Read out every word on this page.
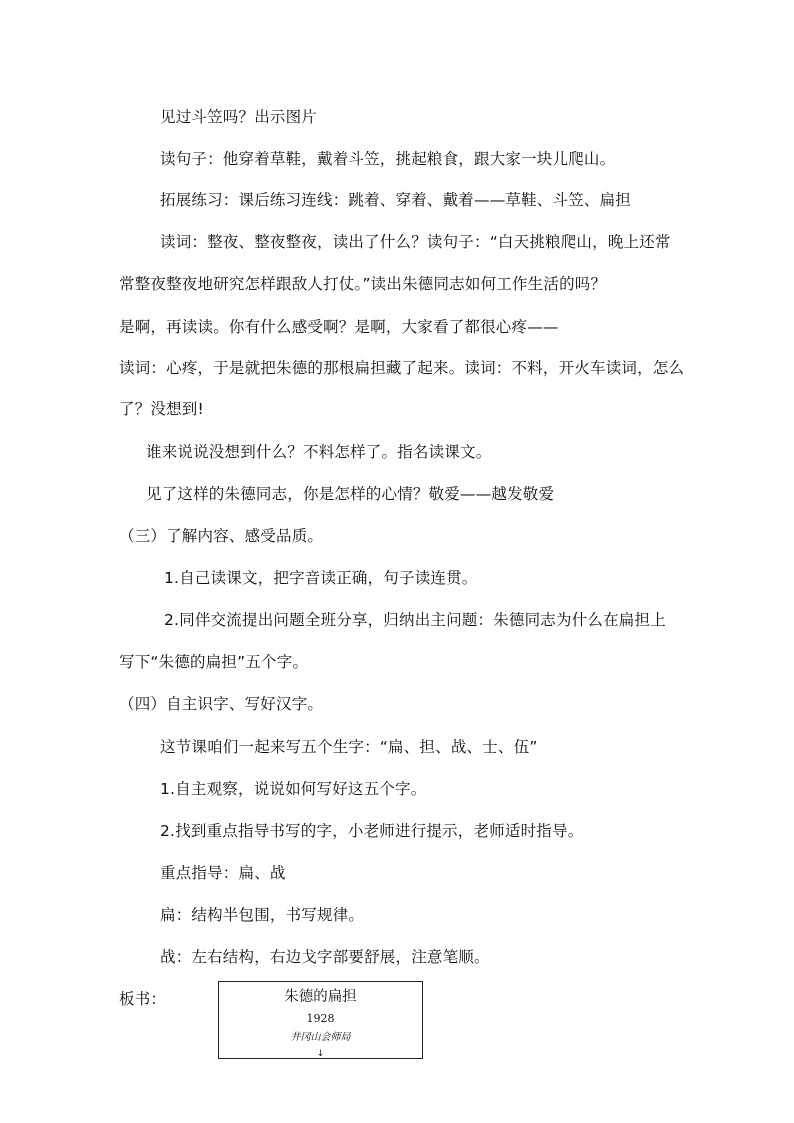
见过斗笠吗？出示图片
读句子：他穿着草鞋，戴着斗笠，挑起粮食，跟大家一块儿爬山。
拓展练习：课后练习连线：跳着、穿着、戴着——草鞋、斗笠、扁担
读词：整夜、整夜整夜，读出了什么？读句子：“白天挑粮爬山，晚上还常
常整夜整夜地研究怎样跟敌人打仗。”读出朱德同志如何工作生活的吗？
是啊，再读读。你有什么感受啊？是啊，大家看了都很心疼——
读词：心疼，于是就把朱德的那根扁担藏了起来。读词：不料，开火车读词，怎么
了？没想到!
谁来说说没想到什么？不料怎样了。指名读课文。
见了这样的朱德同志，你是怎样的心情？敬爱——越发敬爱
（三）了解内容、感受品质。
1.自己读课文，把字音读正确，句子读连贯。
2.同伴交流提出问题全班分享，归纳出主问题：朱德同志为什么在扁担上
写下“朱德的扁担”五个字。
（四）自主识字、写好汉字。
这节课咱们一起来写五个生字：“扁、担、战、士、伍”
1.自主观察，说说如何写好这五个字。
2.找到重点指导书写的字，小老师进行提示，老师适时指导。
重点指导：扁、战
扁：结构半包围，书写规律。
战：左右结构，右边戈字部要舒展，注意笔顺。
板书：	朱德的扁担
1928
井冈山会师局
↓
